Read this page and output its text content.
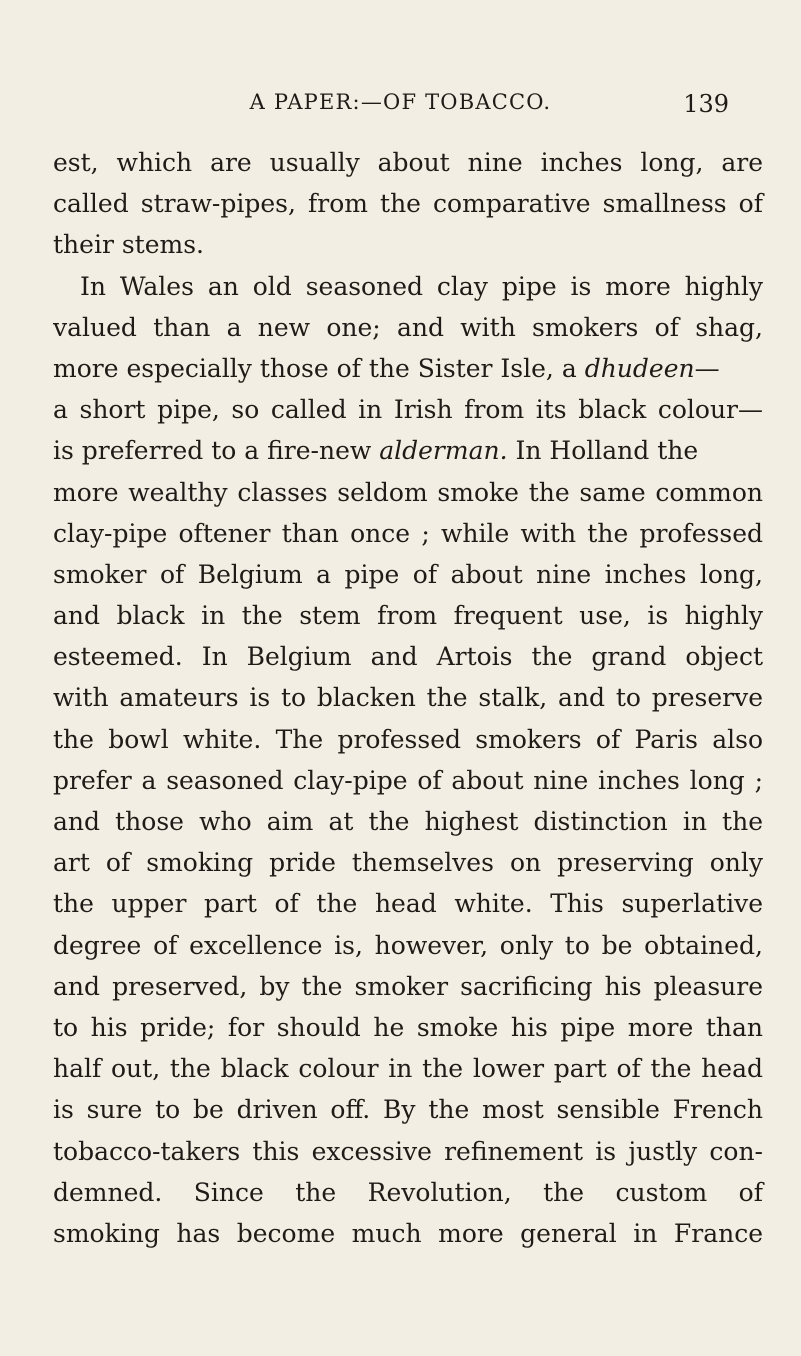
A PAPER:—OF TOBACCO.	139
est, which are usually about nine inches long, are
called straw-pipes, from the comparative smallness of
their stems.
In Wales an old seasoned clay pipe is more highly
valued than a new one; and with smokers of shag,
more especially those of the Sister Isle, a dhudeen—
a short pipe, so called in Irish from its black colour—
is preferred to a fire-new alderman. In Holland the
more wealthy classes seldom smoke the same common
clay-pipe oftener than once ; while with the professed
smoker of Belgium a pipe of about nine inches long,
and black in the stem from frequent use, is highly
esteemed. In Belgium and Artois the grand object
with amateurs is to blacken the stalk, and to preserve
the bowl white. The professed smokers of Paris also
prefer a seasoned clay-pipe of about nine inches long ;
and those who aim at the highest distinction in the
art of smoking pride themselves on preserving only
the upper part of the head white. This superlative
degree of excellence is, however, only to be obtained,
and preserved, by the smoker sacrificing his pleasure
to his pride; for should he smoke his pipe more than
half out, the black colour in the lower part of the head
is sure to be driven off. By the most sensible French
tobacco-takers this excessive refinement is justly con-
demned. Since the Revolution, the custom of
smoking has become much more general in France
